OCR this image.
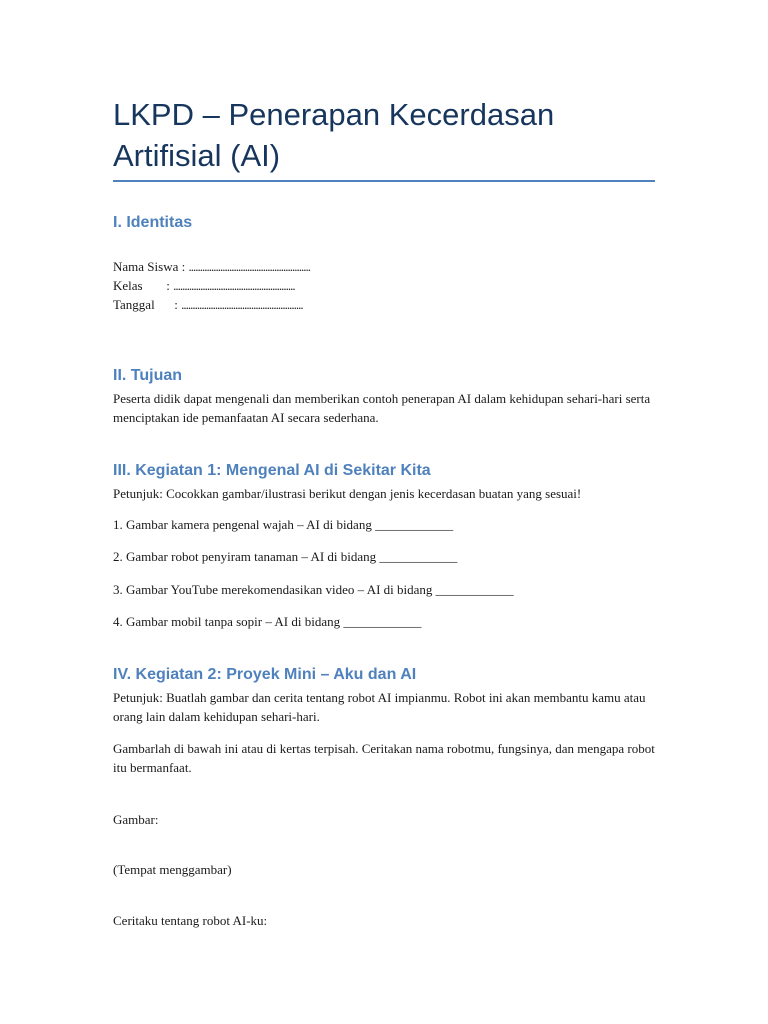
LKPD – Penerapan Kecerdasan Artifisial (AI)
I. Identitas
Nama Siswa : ......................................................
Kelas : ......................................................
Tanggal : ......................................................
II. Tujuan

Peserta didik dapat mengenali dan memberikan contoh penerapan AI dalam kehidupan sehari-hari serta menciptakan ide pemanfaatan AI secara sederhana.

III. Kegiatan 1: Mengenal AI di Sekitar Kita

Petunjuk: Cocokkan gambar/ilustrasi berikut dengan jenis kecerdasan buatan yang sesuai!

1. Gambar kamera pengenal wajah – AI di bidang ____________

2. Gambar robot penyiram tanaman – AI di bidang ____________

3. Gambar YouTube merekomendasikan video – AI di bidang ____________

4. Gambar mobil tanpa sopir – AI di bidang ____________

IV. Kegiatan 2: Proyek Mini – Aku dan AI

Petunjuk: Buatlah gambar dan cerita tentang robot AI impianmu. Robot ini akan membantu kamu atau orang lain dalam kehidupan sehari-hari.

Gambarlah di bawah ini atau di kertas terpisah. Ceritakan nama robotmu, fungsinya, dan mengapa robot itu bermanfaat.

Gambar:

(Tempat menggambar)

Ceritaku tentang robot AI-ku:
